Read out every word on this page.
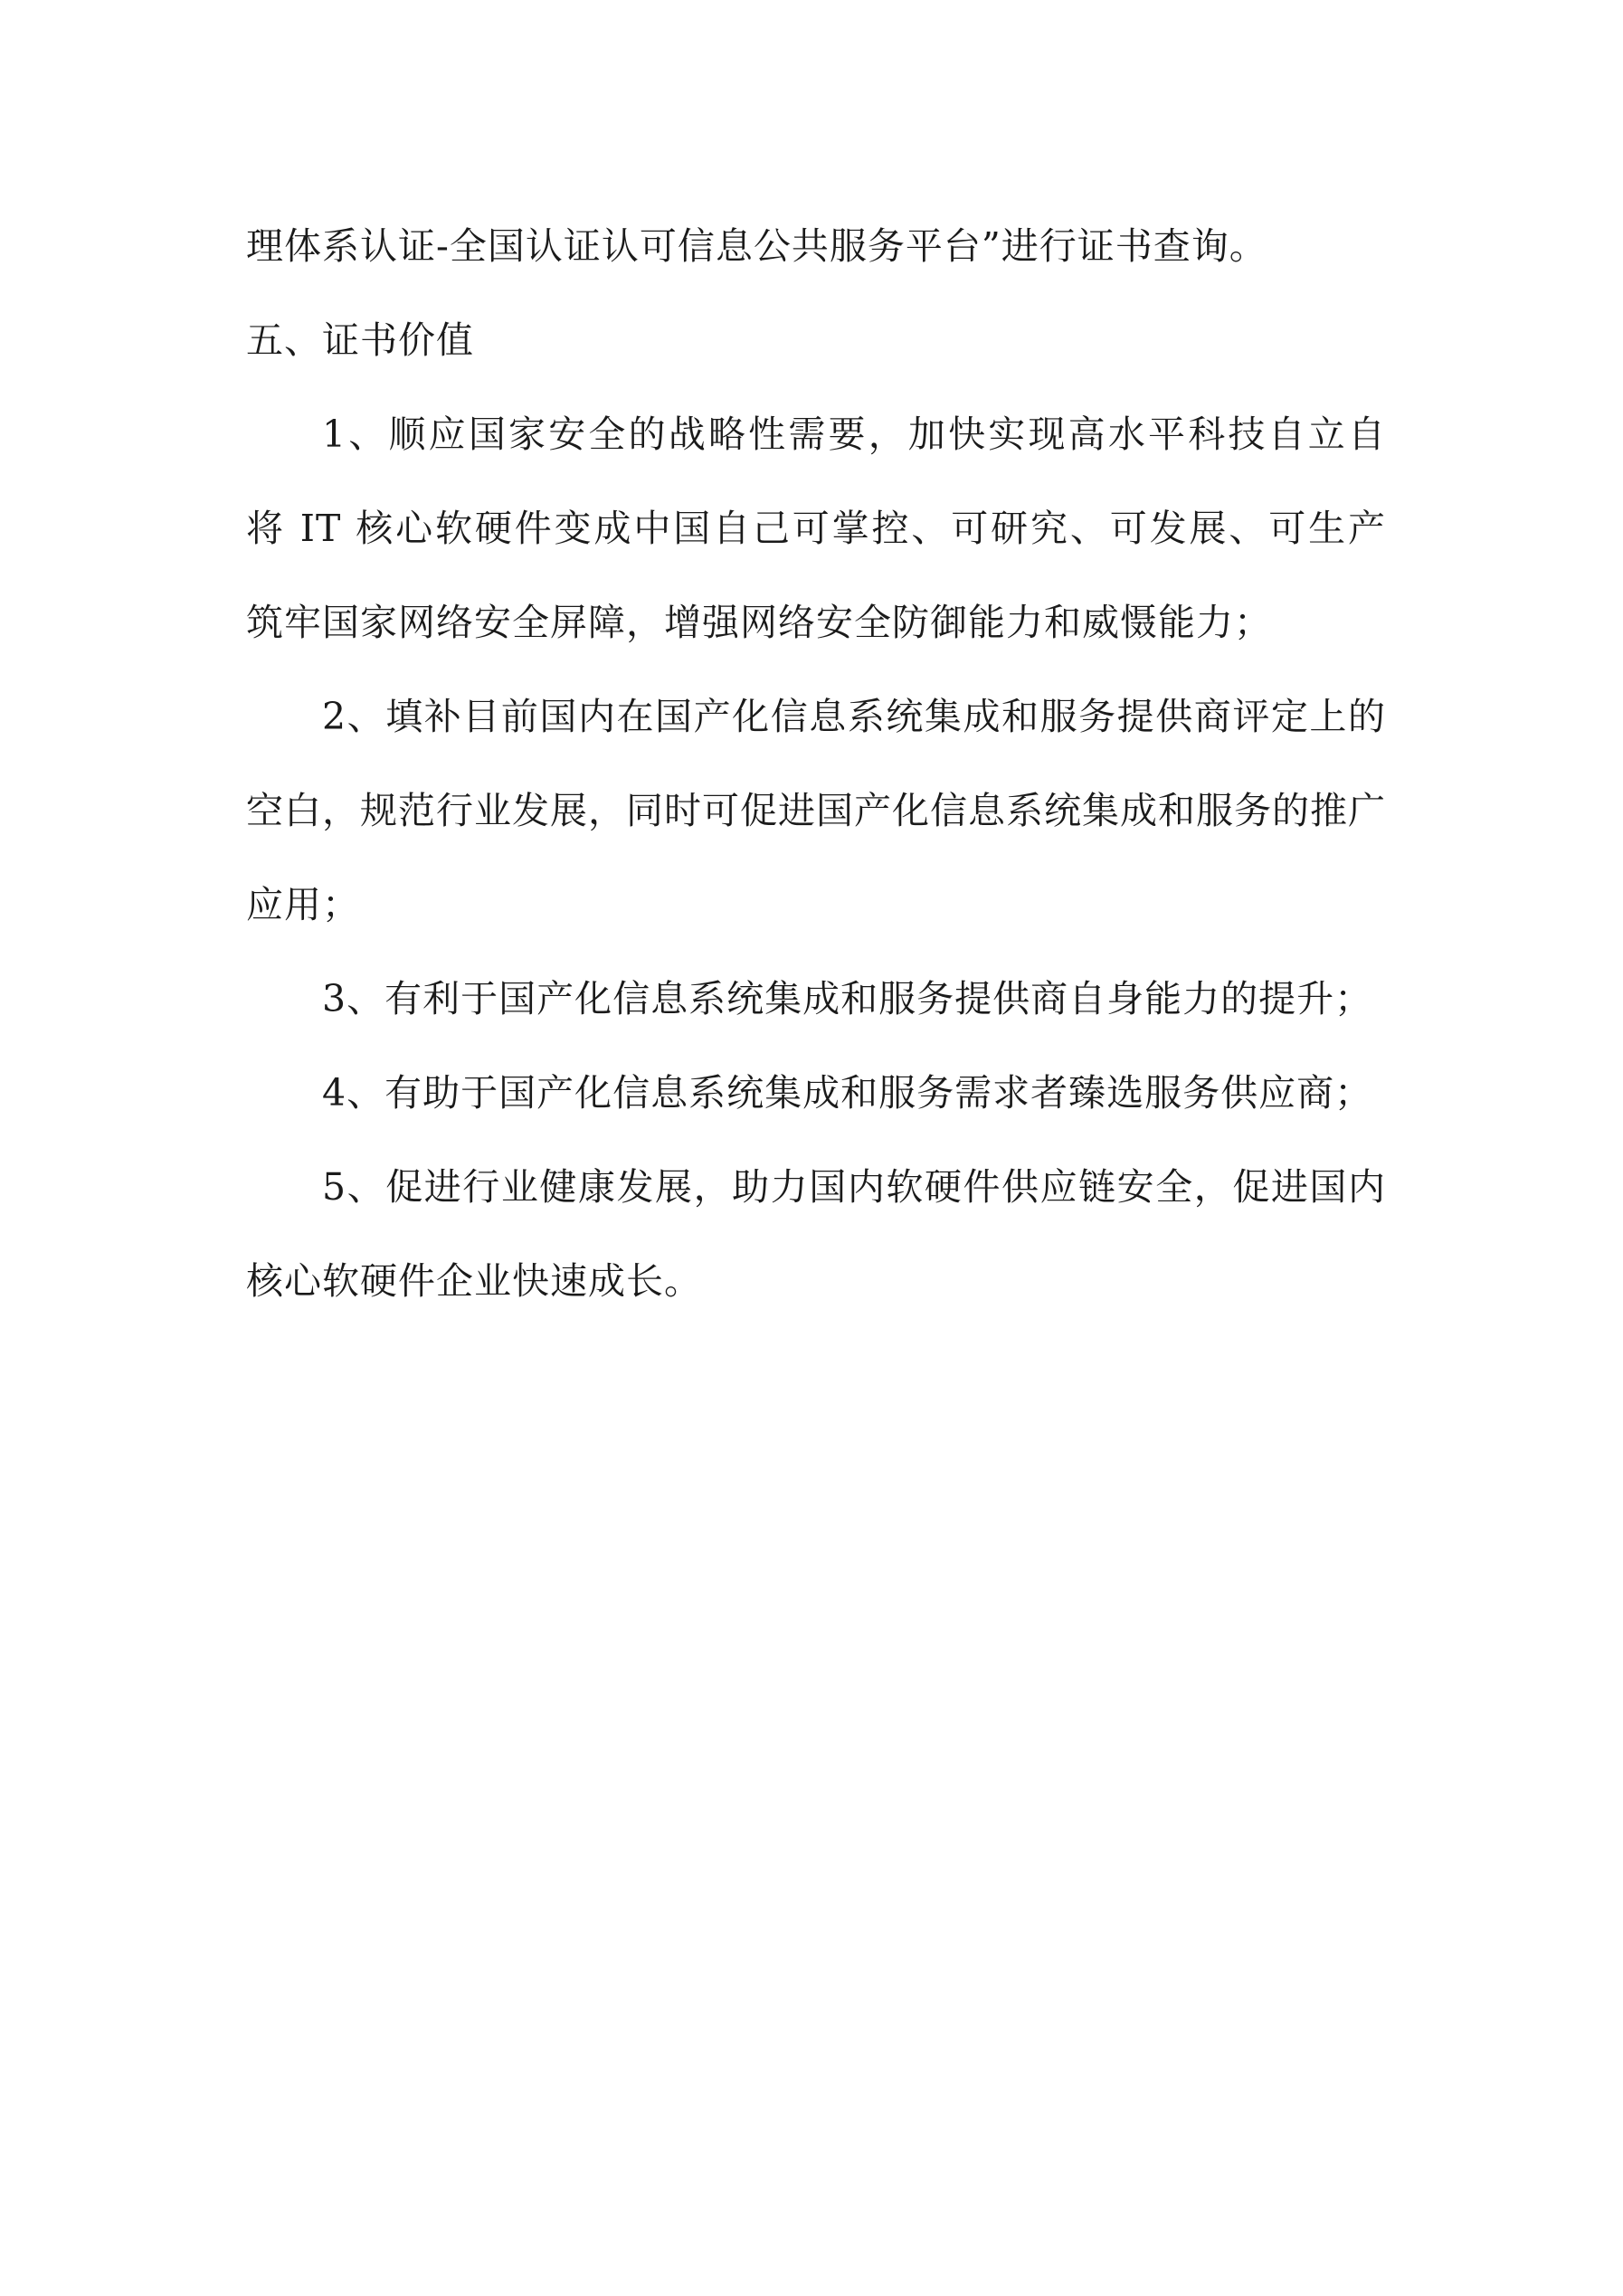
理体系认证-全国认证认可信息公共服务平台”进行证书查询。
五、证书价值
1、顺应国家安全的战略性需要，加快实现高水平科技自立自
将 IT 核心软硬件变成中国自己可掌控、可研究、可发展、可生产
筑牢国家网络安全屏障，增强网络安全防御能力和威慑能力；
2、填补目前国内在国产化信息系统集成和服务提供商评定上的
空白，规范行业发展，同时可促进国产化信息系统集成和服务的推广
应用；
3、有利于国产化信息系统集成和服务提供商自身能力的提升；
4、有助于国产化信息系统集成和服务需求者臻选服务供应商；
5、促进行业健康发展，助力国内软硬件供应链安全，促进国内
核心软硬件企业快速成长。
